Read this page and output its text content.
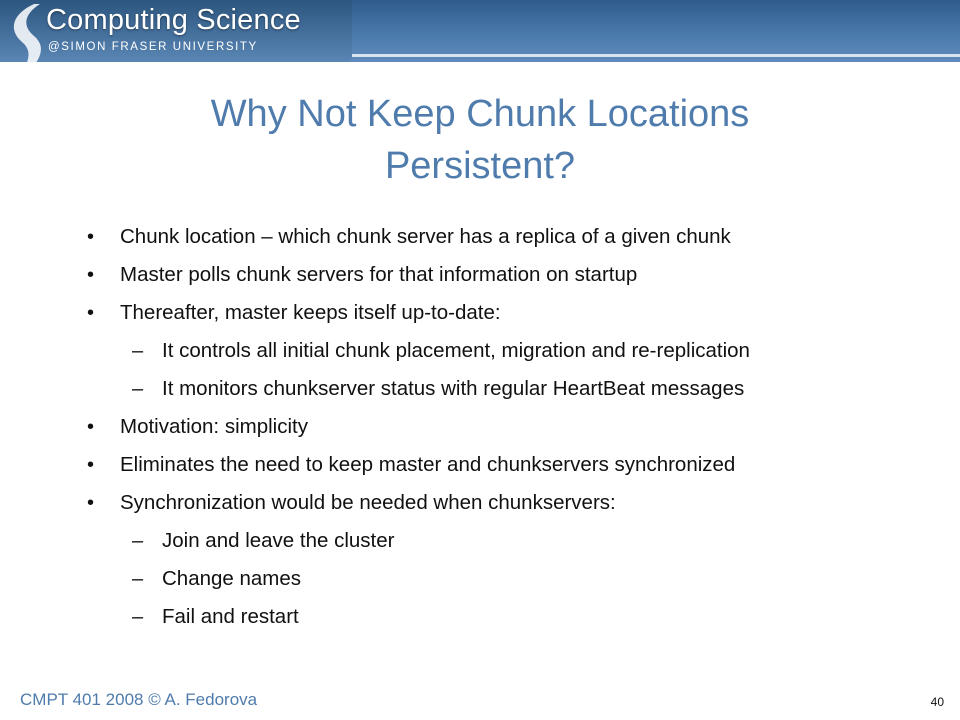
Computing Science
@SIMON FRASER UNIVERSITY
Why Not Keep Chunk Locations
Persistent?
• Chunk location – which chunk server has a replica of a given chunk
• Master polls chunk servers for that information on startup
• Thereafter, master keeps itself up-to-date:
– It controls all initial chunk placement, migration and re-replication
– It monitors chunkserver status with regular HeartBeat messages
• Motivation: simplicity
• Eliminates the need to keep master and chunkservers synchronized
• Synchronization would be needed when chunkservers:
– Join and leave the cluster
– Change names
– Fail and restart
CMPT 401 2008 © A. Fedorova	40
